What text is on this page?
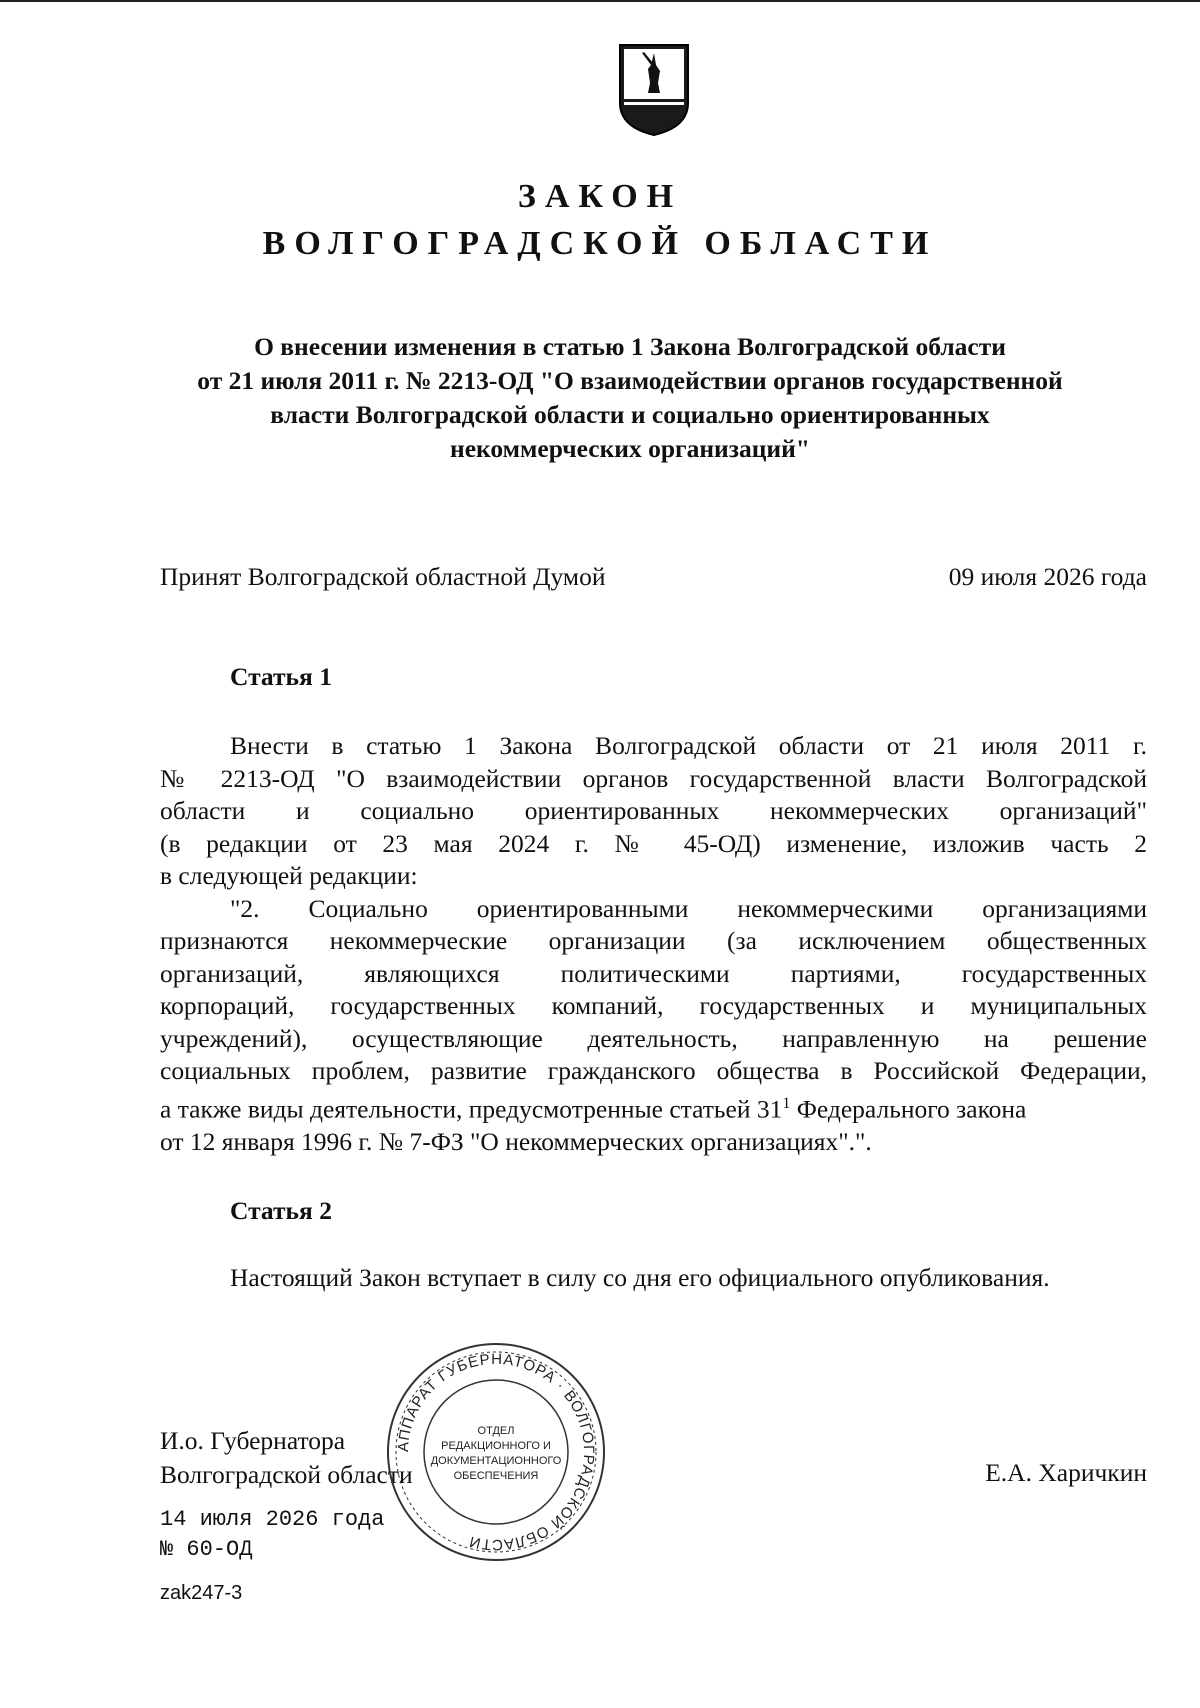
ЗАКОН
ВОЛГОГРАДСКОЙ ОБЛАСТИ
О внесении изменения в статью 1 Закона Волгоградской области
от 21 июля 2011 г. № 2213-ОД "О взаимодействии органов государственной
власти Волгоградской области и социально ориентированных
некоммерческих организаций"
Принят Волгоградской областной Думой	09 июля 2026 года
Статья 1
Внести в статью 1 Закона Волгоградской области от 21 июля 2011 г.
№ 2213-ОД "О взаимодействии органов государственной власти Волгоградской
области и социально ориентированных некоммерческих организаций"
(в редакции от 23 мая 2024 г. № 45-ОД) изменение, изложив часть 2
в следующей редакции:
"2. Социально ориентированными некоммерческими организациями
признаются некоммерческие организации (за исключением общественных
организаций, являющихся политическими партиями, государственных
корпораций, государственных компаний, государственных и муниципальных
учреждений), осуществляющие деятельность, направленную на решение
социальных проблем, развитие гражданского общества в Российской Федерации,
а также виды деятельности, предусмотренные статьей $31^1$ Федерального закона
от 12 января 1996 г. № 7-ФЗ "О некоммерческих организациях".".
Статья 2
Настоящий Закон вступает в силу со дня его официального опубликования.
И.о. Губернатора
Волгоградской области	Е.А. Харичкин
АППАРАТ ГУБЕРНАТОРА · ВОЛГОГРАДСКОЙ ОБЛАСТИ
ОТДЕЛ
РЕДАКЦИОННОГО И
ДОКУМЕНТАЦИОННОГО
ОБЕСПЕЧЕНИЯ
14 июля 2026 года
№ 60-ОД
zak247-3
